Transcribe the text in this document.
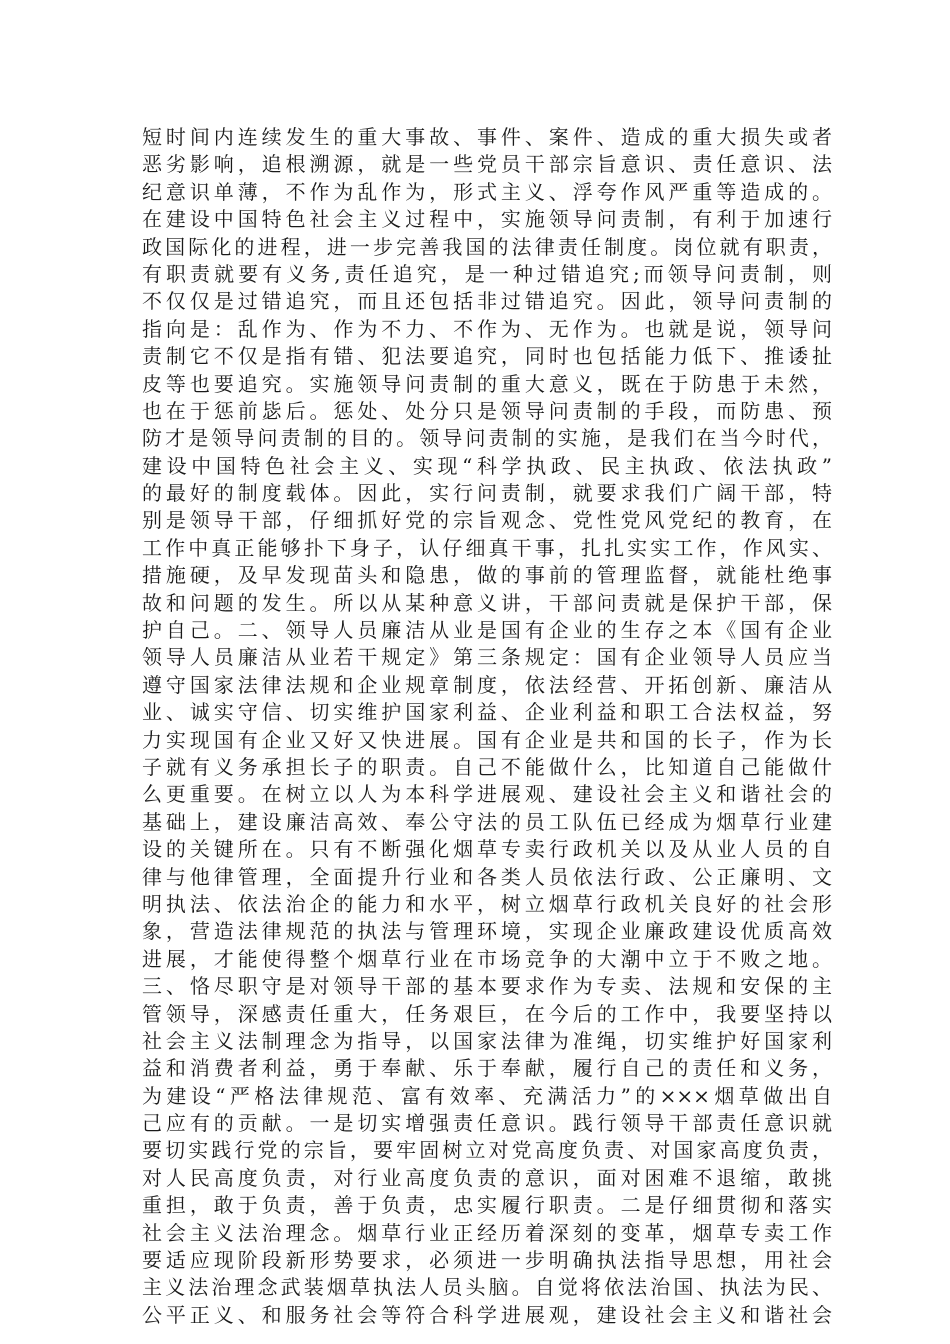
短时间内连续发生的重大事故、事件、案件、造成的重大损失或者
恶劣影响，追根溯源，就是一些党员干部宗旨意识、责任意识、法
纪意识单薄，不作为乱作为，形式主义、浮夸作风严重等造成的。
在建设中国特色社会主义过程中，实施领导问责制，有利于加速行
政国际化的进程，进一步完善我国的法律责任制度。岗位就有职责，
有职责就要有义务,责任追究，是一种过错追究;而领导问责制，则
不仅仅是过错追究，而且还包括非过错追究。因此，领导问责制的
指向是：乱作为、作为不力、不作为、无作为。也就是说，领导问
责制它不仅是指有错、犯法要追究，同时也包括能力低下、推诿扯
皮等也要追究。实施领导问责制的重大意义，既在于防患于未然，
也在于惩前毖后。惩处、处分只是领导问责制的手段，而防患、预
防才是领导问责制的目的。领导问责制的实施，是我们在当今时代，
建设中国特色社会主义、实现“科学执政、民主执政、依法执政”
的最好的制度载体。因此，实行问责制，就要求我们广阔干部，特
别是领导干部，仔细抓好党的宗旨观念、党性党风党纪的教育，在
工作中真正能够扑下身子，认仔细真干事，扎扎实实工作，作风实、
措施硬，及早发现苗头和隐患，做的事前的管理监督，就能杜绝事
故和问题的发生。所以从某种意义讲，干部问责就是保护干部，保
护自己。二、领导人员廉洁从业是国有企业的生存之本《国有企业
领导人员廉洁从业若干规定》第三条规定：国有企业领导人员应当
遵守国家法律法规和企业规章制度，依法经营、开拓创新、廉洁从
业、诚实守信、切实维护国家利益、企业利益和职工合法权益，努
力实现国有企业又好又快进展。国有企业是共和国的长子，作为长
子就有义务承担长子的职责。自己不能做什么，比知道自己能做什
么更重要。在树立以人为本科学进展观、建设社会主义和谐社会的
基础上，建设廉洁高效、奉公守法的员工队伍已经成为烟草行业建
设的关键所在。只有不断强化烟草专卖行政机关以及从业人员的自
律与他律管理，全面提升行业和各类人员依法行政、公正廉明、文
明执法、依法治企的能力和水平，树立烟草行政机关良好的社会形
象，营造法律规范的执法与管理环境，实现企业廉政建设优质高效
进展，才能使得整个烟草行业在市场竞争的大潮中立于不败之地。
三、恪尽职守是对领导干部的基本要求作为专卖、法规和安保的主
管领导，深感责任重大，任务艰巨，在今后的工作中，我要坚持以
社会主义法制理念为指导，以国家法律为准绳，切实维护好国家利
益和消费者利益，勇于奉献、乐于奉献，履行自己的责任和义务，
为建设“严格法律规范、富有效率、充满活力”的×××烟草做出自
己应有的贡献。一是切实增强责任意识。践行领导干部责任意识就
要切实践行党的宗旨，要牢固树立对党高度负责、对国家高度负责，
对人民高度负责，对行业高度负责的意识，面对困难不退缩，敢挑
重担，敢于负责，善于负责，忠实履行职责。二是仔细贯彻和落实
社会主义法治理念。烟草行业正经历着深刻的变革，烟草专卖工作
要适应现阶段新形势要求，必须进一步明确执法指导思想，用社会
主义法治理念武装烟草执法人员头脑。自觉将依法治国、执法为民、
公平正义、和服务社会等符合科学进展观，建设社会主义和谐社会
